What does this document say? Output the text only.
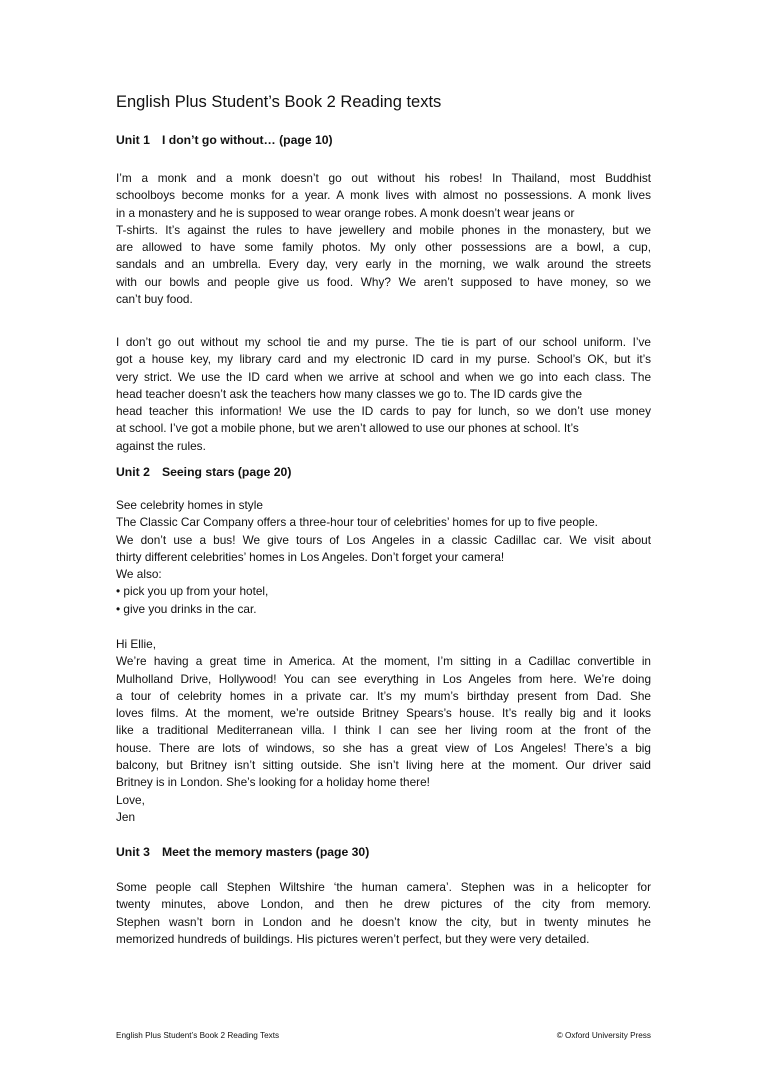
English Plus Student’s Book 2 Reading texts
Unit 1 I don’t go without… (page 10)
I’m a monk and a monk doesn’t go out without his robes! In Thailand, most Buddhist
schoolboys become monks for a year. A monk lives with almost no possessions. A monk lives
in a monastery and he is supposed to wear orange robes. A monk doesn’t wear jeans or
T-shirts. It’s against the rules to have jewellery and mobile phones in the monastery, but we
are allowed to have some family photos. My only other possessions are a bowl, a cup,
sandals and an umbrella. Every day, very early in the morning, we walk around the streets
with our bowls and people give us food. Why? We aren’t supposed to have money, so we
can’t buy food.
I don’t go out without my school tie and my purse. The tie is part of our school uniform. I’ve
got a house key, my library card and my electronic ID card in my purse. School’s OK, but it’s
very strict. We use the ID card when we arrive at school and when we go into each class. The
head teacher doesn’t ask the teachers how many classes we go to. The ID cards give the
head teacher this information! We use the ID cards to pay for lunch, so we don’t use money
at school. I’ve got a mobile phone, but we aren’t allowed to use our phones at school. It’s
against the rules.
Unit 2 Seeing stars (page 20)
See celebrity homes in style
The Classic Car Company offers a three-hour tour of celebrities’ homes for up to five people.
We don’t use a bus! We give tours of Los Angeles in a classic Cadillac car. We visit about
thirty different celebrities’ homes in Los Angeles. Don’t forget your camera!
We also:
• pick you up from your hotel,
• give you drinks in the car.
Hi Ellie,
We’re having a great time in America. At the moment, I’m sitting in a Cadillac convertible in
Mulholland Drive, Hollywood! You can see everything in Los Angeles from here. We’re doing
a tour of celebrity homes in a private car. It’s my mum’s birthday present from Dad. She
loves films. At the moment, we’re outside Britney Spears’s house. It’s really big and it looks
like a traditional Mediterranean villa. I think I can see her living room at the front of the
house. There are lots of windows, so she has a great view of Los Angeles! There’s a big
balcony, but Britney isn’t sitting outside. She isn’t living here at the moment. Our driver said
Britney is in London. She’s looking for a holiday home there!
Love,
Jen
Unit 3 Meet the memory masters (page 30)
Some people call Stephen Wiltshire ‘the human camera’. Stephen was in a helicopter for
twenty minutes, above London, and then he drew pictures of the city from memory.
Stephen wasn’t born in London and he doesn’t know the city, but in twenty minutes he
memorized hundreds of buildings. His pictures weren’t perfect, but they were very detailed.
English Plus Student’s Book 2 Reading Texts	© Oxford University Press
